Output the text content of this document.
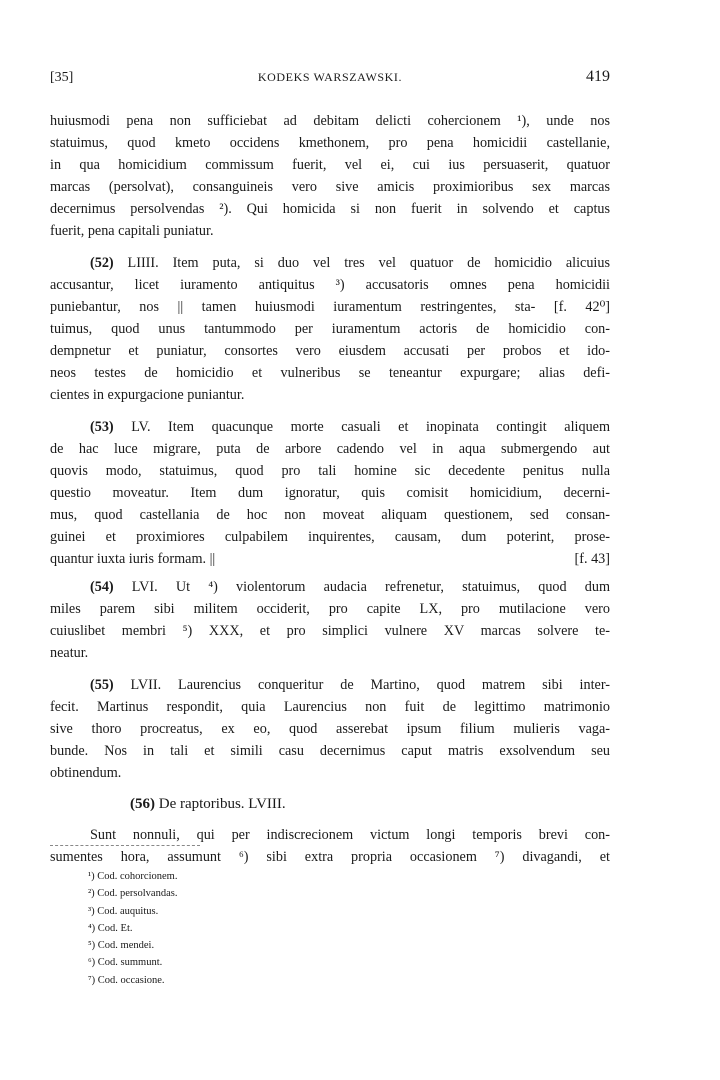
[35]	KODEKS WARSZAWSKI.	419
huiusmodi pena non sufficiebat ad debitam delicti cohercionem ¹), unde nos
statuimus, quod kmeto occidens kmethonem, pro pena homicidii castellanie,
in qua homicidium commissum fuerit, vel ei, cui ius persuaserit, quatuor
marcas (persolvat), consanguineis vero sive amicis proximioribus sex marcas
decernimus persolvendas ²). Qui homicida si non fuerit in solvendo et captus
fuerit, pena capitali puniatur.
(52) LIIII. Item puta, si duo vel tres vel quatuor de homicidio alicuius
accusantur, licet iuramento antiquitus ³) accusatoris omnes pena homicidii
puniebantur, nos || tamen huiusmodi iuramentum restringentes, sta- [f. 42⁰]
tuimus, quod unus tantummodo per iuramentum actoris de homicidio con-
dempnetur et puniatur, consortes vero eiusdem accusati per probos et ido-
neos testes de homicidio et vulneribus se teneantur expurgare; alias defi-
cientes in expurgacione puniantur.
(53) LV. Item quacunque morte casuali et inopinata contingit aliquem
de hac luce migrare, puta de arbore cadendo vel in aqua submergendo aut
quovis modo, statuimus, quod pro tali homine sic decedente penitus nulla
questio moveatur. Item dum ignoratur, quis comisit homicidium, decerni-
mus, quod castellania de hoc non moveat aliquam questionem, sed consan-
guinei et proximiores culpabilem inquirentes, causam, dum poterint, prose-
quantur iuxta iuris formam. ||	[f. 43]
(54) LVI. Ut ⁴) violentorum audacia refrenetur, statuimus, quod dum
miles parem sibi militem occiderit, pro capite LX, pro mutilacione vero
cuiuslibet membri ⁵) XXX, et pro simplici vulnere XV marcas solvere te-
neatur.
(55) LVII. Laurencius conqueritur de Martino, quod matrem sibi inter-
fecit. Martinus respondit, quia Laurencius non fuit de legittimo matrimonio
sive thoro procreatus, ex eo, quod asserebat ipsum filium mulieris vaga-
bunde. Nos in tali et simili casu decernimus caput matris exsolvendum seu
obtinendum.
(56) De raptoribus. LVIII.
Sunt nonnuli, qui per indiscrecionem victum longi temporis brevi con-
sumentes hora, assumunt ⁶) sibi extra propria occasionem ⁷) divagandi, et
¹) Cod. cohorcionem.
²) Cod. persolvandas.
³) Cod. auquitus.
⁴) Cod. Et.
⁵) Cod. mendei.
⁶) Cod. summunt.
⁷) Cod. occasione.
